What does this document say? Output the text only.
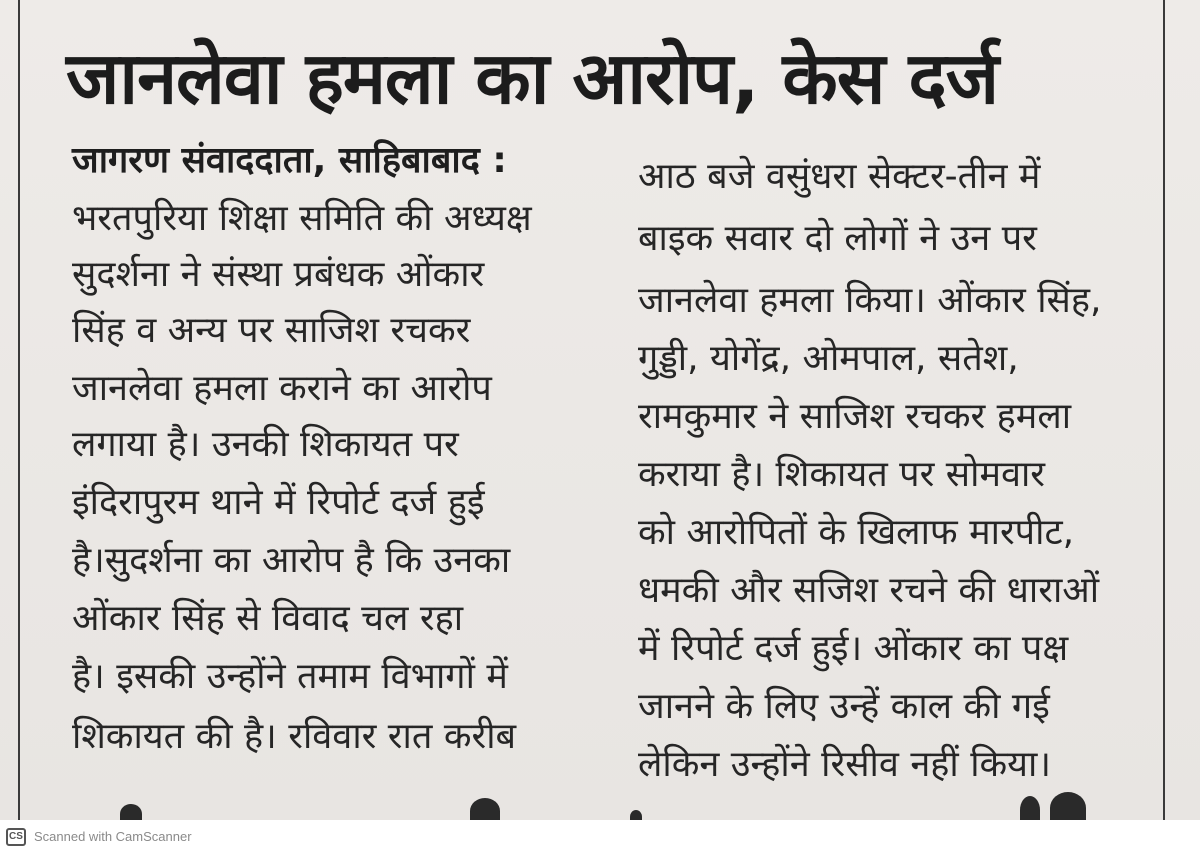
जानलेवा हमला का आरोप, केस दर्ज
जागरण संवाददाता, साहिबाबाद :
भरतपुरिया शिक्षा समिति की अध्यक्ष
सुदर्शना ने संस्था प्रबंधक ओंकार
सिंह व अन्य पर साजिश रचकर
जानलेवा हमला कराने का आरोप
लगाया है। उनकी शिकायत पर
इंदिरापुरम थाने में रिपोर्ट दर्ज हुई
है।सुदर्शना का आरोप है कि उनका
ओंकार सिंह से विवाद चल रहा
है। इसकी उन्होंने तमाम विभागों में
शिकायत की है। रविवार रात करीब
आठ बजे वसुंधरा सेक्टर-तीन में
बाइक सवार दो लोगों ने उन पर
जानलेवा हमला किया। ओंकार सिंह,
गुड्डी, योगेंद्र, ओमपाल, सतेश,
रामकुमार ने साजिश रचकर हमला
कराया है। शिकायत पर सोमवार
को आरोपितों के खिलाफ मारपीट,
धमकी और सजिश रचने की धाराओं
में रिपोर्ट दर्ज हुई। ओंकार का पक्ष
जानने के लिए उन्हें काल की गई
लेकिन उन्होंने रिसीव नहीं किया।
CS Scanned with CamScanner
